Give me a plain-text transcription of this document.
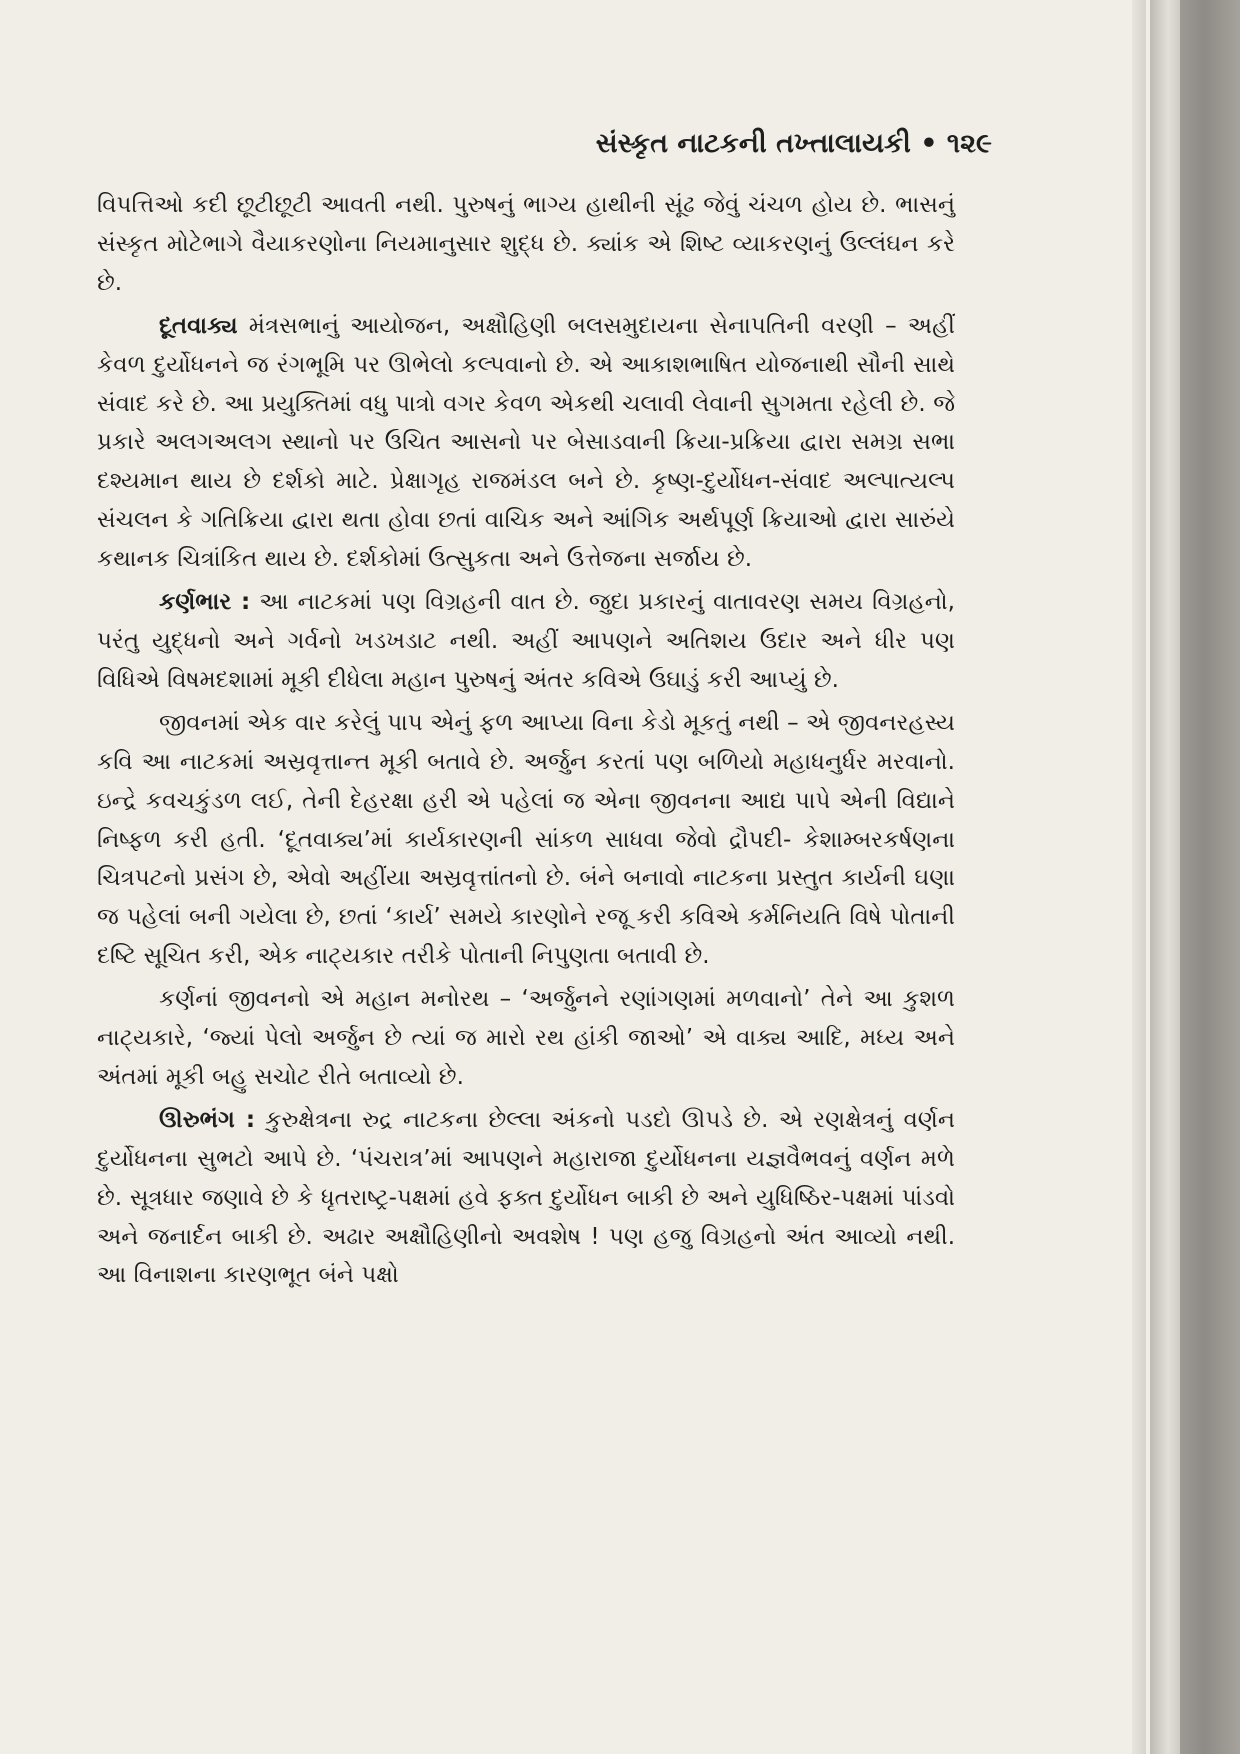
સંસ્કૃત નાટકની તખ્તાલાયકી • ૧૨૯

વિપત્તિઓ કદી છૂટીછૂટી આવતી નથી. પુરુષનું ભાગ્ય હાથીની સૂંઢ જેવું ચંચળ હોય છે. ભાસનું સંસ્કૃત મોટેભાગે વૈયાકરણોના નિયમાનુસાર શુદ્ધ છે. ક્યાંક એ શિષ્ટ વ્યાકરણનું ઉલ્લંઘન કરે છે.

દૂતવાક્ય મંત્રસભાનું આયોજન, અક્ષૌહિણી બલસમુદાયના સેનાપતિની વરણી – અહીં કેવળ દુર્યોધનને જ રંગભૂમિ પર ઊભેલો કલ્પવાનો છે. એ આકાશભાષિત યોજનાથી સૌની સાથે સંવાદ કરે છે. આ પ્રયુક્તિમાં વધુ પાત્રો વગર કેવળ એકથી ચલાવી લેવાની સુગમતા રહેલી છે. જે પ્રકારે અલગઅલગ સ્થાનો પર ઉચિત આસનો પર બેસાડવાની ક્રિયા-પ્રક્રિયા દ્વારા સમગ્ર સભા દશ્યમાન થાય છે દર્શકો માટે. પ્રેક્ષાગૃહ રાજમંડલ બને છે. કૃષ્ણ-દુર્યોધન-સંવાદ અલ્પાત્યલ્પ સંચલન કે ગતિક્રિયા દ્વારા થતા હોવા છતાં વાચિક અને આંગિક અર્થપૂર્ણ ક્રિયાઓ દ્વારા સારુંયે કથાનક ચિત્રાંકિત થાય છે. દર્શકોમાં ઉત્સુકતા અને ઉત્તેજના સર્જાય છે.

કર્ણભાર : આ નાટકમાં પણ વિગ્રહની વાત છે. જુદા પ્રકારનું વાતાવરણ સમય વિગ્રહનો, પરંતુ યુદ્ધનો અને ગર્વનો ખડખડાટ નથી. અહીં આપણને અતિશય ઉદાર અને ધીર પણ વિધિએ વિષમદશામાં મૂકી દીધેલા મહાન પુરુષનું અંતર કવિએ ઉઘાડું કરી આપ્યું છે.

જીવનમાં એક વાર કરેલું પાપ એનું ફળ આપ્યા વિના કેડો મૂકતું નથી – એ જીવનરહસ્ય કવિ આ નાટકમાં અસ્રવૃત્તાન્ત મૂકી બતાવે છે. અર્જુન કરતાં પણ બળિયો મહાધનુર્ધર મરવાનો. ઇન્દ્રે કવચકુંડળ લઈ, તેની દેહરક્ષા હરી એ પહેલાં જ એના જીવનના આદ્ય પાપે એની વિદ્યાને નિષ્ફળ કરી હતી. ‘દૂતવાક્ય’માં કાર્યકારણની સાંકળ સાધવા જેવો દ્રૌપદી- કેશામ્બરકર્ષણના ચિત્રપટનો પ્રસંગ છે, એવો અહીંયા અસ્રવૃત્તાંતનો છે. બંને બનાવો નાટકના પ્રસ્તુત કાર્યની ઘણા જ પહેલાં બની ગયેલા છે, છતાં ‘કાર્ય’ સમયે કારણોને રજૂ કરી કવિએ કર્મનિયતિ વિષે પોતાની દષ્ટિ સૂચિત કરી, એક નાટ્યકાર તરીકે પોતાની નિપુણતા બતાવી છે.

કર્ણનાં જીવનનો એ મહાન મનોરથ – ‘અર્જુનને રણાંગણમાં મળવાનો’ તેને આ કુશળ નાટ્યકારે, ‘જ્યાં પેલો અર્જુન છે ત્યાં જ મારો રથ હાંકી જાઓ’ એ વાક્ય આદિ, મધ્ય અને અંતમાં મૂકી બહુ સચોટ રીતે બતાવ્યો છે.

ઊરુભંગ : કુરુક્ષેત્રના રુદ્ર નાટકના છેલ્લા અંકનો પડદો ઊપડે છે. એ રણક્ષેત્રનું વર્ણન દુર્યોધનના સુભટો આપે છે. ‘પંચરાત્ર’માં આપણને મહારાજા દુર્યોધનના યજ્ઞવૈભવનું વર્ણન મળે છે. સૂત્રધાર જણાવે છે કે ધૃતરાષ્ટ્ર-પક્ષમાં હવે ફક્ત દુર્યોધન બાકી છે અને યુધિષ્ઠિર-પક્ષમાં પાંડવો અને જનાર્દન બાકી છે. અઢાર અક્ષૌહિણીનો અવશેષ ! પણ હજુ વિગ્રહનો અંત આવ્યો નથી. આ વિનાશના કારણભૂત બંને પક્ષો
